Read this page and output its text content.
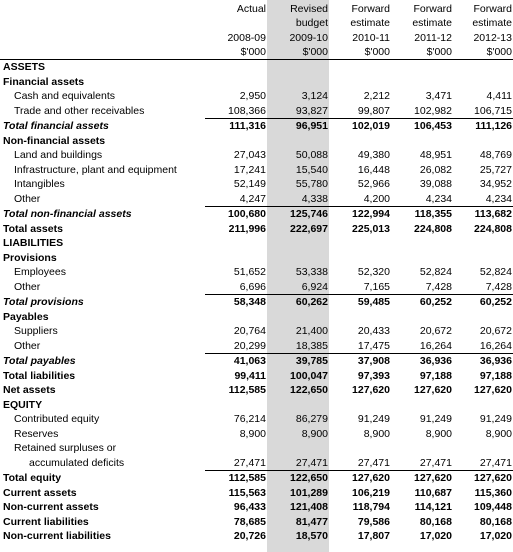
	Actual	Revised	Forward	Forward	Forward
		budget	estimate	estimate	estimate
	2008-09	2009-10	2010-11	2011-12	2012-13
	$'000	$'000	$'000	$'000	$'000
ASSETS					
Financial assets					
Cash and equivalents	2,950	3,124	2,212	3,471	4,411
Trade and other receivables	108,366	93,827	99,807	102,982	106,715
Total financial assets	111,316	96,951	102,019	106,453	111,126
Non-financial assets					
Land and buildings	27,043	50,088	49,380	48,951	48,769
Infrastructure, plant and equipment	17,241	15,540	16,448	26,082	25,727
Intangibles	52,149	55,780	52,966	39,088	34,952
Other	4,247	4,338	4,200	4,234	4,234
Total non-financial assets	100,680	125,746	122,994	118,355	113,682
Total assets	211,996	222,697	225,013	224,808	224,808
LIABILITIES					
Provisions					
Employees	51,652	53,338	52,320	52,824	52,824
Other	6,696	6,924	7,165	7,428	7,428
Total provisions	58,348	60,262	59,485	60,252	60,252
Payables					
Suppliers	20,764	21,400	20,433	20,672	20,672
Other	20,299	18,385	17,475	16,264	16,264
Total payables	41,063	39,785	37,908	36,936	36,936
Total liabilities	99,411	100,047	97,393	97,188	97,188
Net assets	112,585	122,650	127,620	127,620	127,620
EQUITY					
Contributed equity	76,214	86,279	91,249	91,249	91,249
Reserves	8,900	8,900	8,900	8,900	8,900
Retained surpluses or					
accumulated deficits	27,471	27,471	27,471	27,471	27,471
Total equity	112,585	122,650	127,620	127,620	127,620
Current assets	115,563	101,289	106,219	110,687	115,360
Non-current assets	96,433	121,408	118,794	114,121	109,448
Current liabilities	78,685	81,477	79,586	80,168	80,168
Non-current liabilities	20,726	18,570	17,807	17,020	17,020
